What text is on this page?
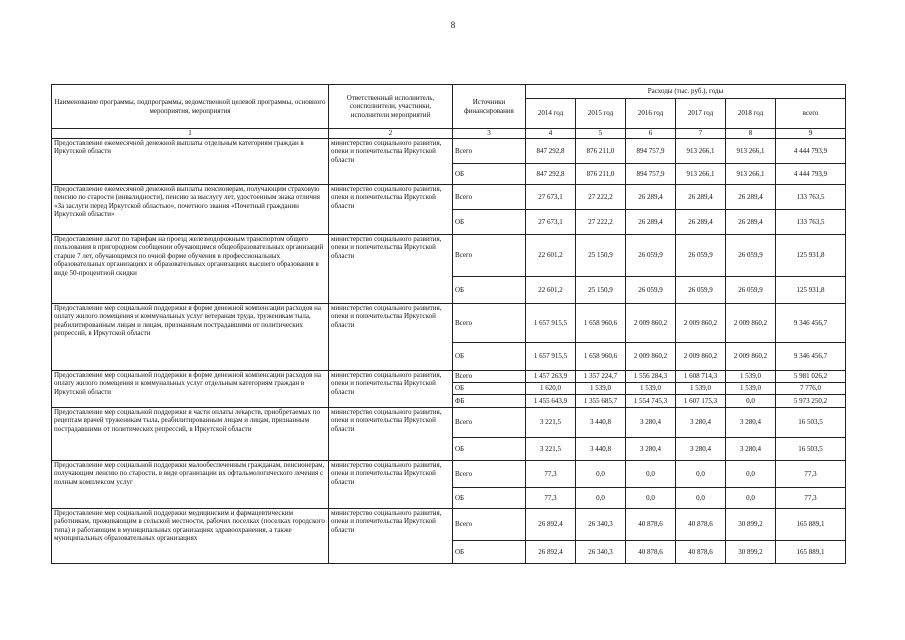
8
Наименование программы, подпрограммы, ведомственной целевой программы, основного мероприятия, мероприятия	Ответственный исполнитель, соисполнители, участники, исполнители мероприятий	Источники финансирования	Расходы (тыс. руб.), годы					
			2014 год	2015 год	2016 год	2017 год	2018 год	всего
1	2	3	4	5	6	7	8	9
Предоставление ежемесячной денежной выплаты отдельным категориям граждан в Иркутской области	министерство социального развития, опеки и попечительства Иркутской области	Всего	847 292,8	876 211,0	894 757,9	913 266,1	913 266,1	4 444 793,9
		ОБ	847 292,8	876 211,0	894 757,9	913 266,1	913 266,1	4 444 793,9
Предоставление ежемесячной денежной выплаты пенсионерам, получающим страховую пенсию по старости (инвалидности), пенсию за выслугу лет, удостоенным знака отличия «За заслуги перед Иркутской областью», почетного звания «Почетный гражданин Иркутской области»	министерство социального развития, опеки и попечительства Иркутской области	Всего	27 673,1	27 222,2	26 289,4	26 289,4	26 289,4	133 763,5
		ОБ	27 673,1	27 222,2	26 289,4	26 289,4	26 289,4	133 763,5
Предоставление льгот по тарифам на проезд железнодорожным транспортом общего пользования в пригородном сообщении обучающимся общеобразовательных организаций старше 7 лет, обучающимся по очной форме обучения в профессиональных образовательных организациях и образовательных организациях высшего образования в виде 50-процентной скидки	министерство социального развития, опеки и попечительства Иркутской области	Всего	22 601,2	25 150,9	26 059,9	26 059,9	26 059,9	125 931,8
		ОБ	22 601,2	25 150,9	26 059,9	26 059,9	26 059,9	125 931,8
Предоставление мер социальной поддержки в форме денежной компенсации расходов на оплату жилого помещения и коммунальных услуг ветеранам труда, труженикам тыла, реабилитированным лицам и лицам, признанным пострадавшими от политических репрессий, в Иркутской области	министерство социального развития, опеки и попечительства Иркутской области	Всего	1 657 915,5	1 658 960,6	2 009 860,2	2 009 860,2	2 009 860,2	9 346 456,7
		ОБ	1 657 915,5	1 658 960,6	2 009 860,2	2 009 860,2	2 009 860,2	9 346 456,7
Предоставление мер социальной поддержки в форме денежной компенсации расходов на оплату жилого помещения и коммунальных услуг отдельным категориям граждан в Иркутской области	министерство социального развития, опеки и попечительства Иркутской области	Всего	1 457 263,9	1 357 224,7	1 556 284,3	1 608 714,3	1 539,0	5 981 026,2
		ОБ	1 620,0	1 539,0	1 539,0	1 539,0	1 539,0	7 776,0
		ФБ	1 455 643,9	1 355 685,7	1 554 745,3	1 607 175,3	0,0	5 973 250,2
Предоставление мер социальной поддержки в части оплаты лекарств, приобретаемых по рецептам врачей труженикам тыла, реабилитированным лицам и лицам, признанным пострадавшими от политических репрессий, в Иркутской области	министерство социального развития, опеки и попечительства Иркутской области	Всего	3 221,5	3 440,8	3 280,4	3 280,4	3 280,4	16 503,5
		ОБ	3 221,5	3 440,8	3 280,4	3 280,4	3 280,4	16 503,5
Предоставление мер социальной поддержки малообеспеченным гражданам, пенсионерам, получающим пенсию по старости, в виде организации их офтальмологического лечения с полным комплексом услуг	министерство социального развития, опеки и попечительства Иркутской области	Всего	77,3	0,0	0,0	0,0	0,0	77,3
		ОБ	77,3	0,0	0,0	0,0	0,0	77,3
Предоставление мер социальной поддержки медицинским и фармацевтическим работникам, проживающим в сельской местности, рабочих поселках (поселках городского типа) и работающим в муниципальных организациях здравоохранения, а также муниципальных образовательных организациях	министерство социального развития, опеки и попечительства Иркутской области	Всего	26 892,4	26 340,3	40 878,6	40 878,6	30 899,2	165 889,1
		ОБ	26 892,4	26 340,3	40 878,6	40 878,6	30 899,2	165 889,1
